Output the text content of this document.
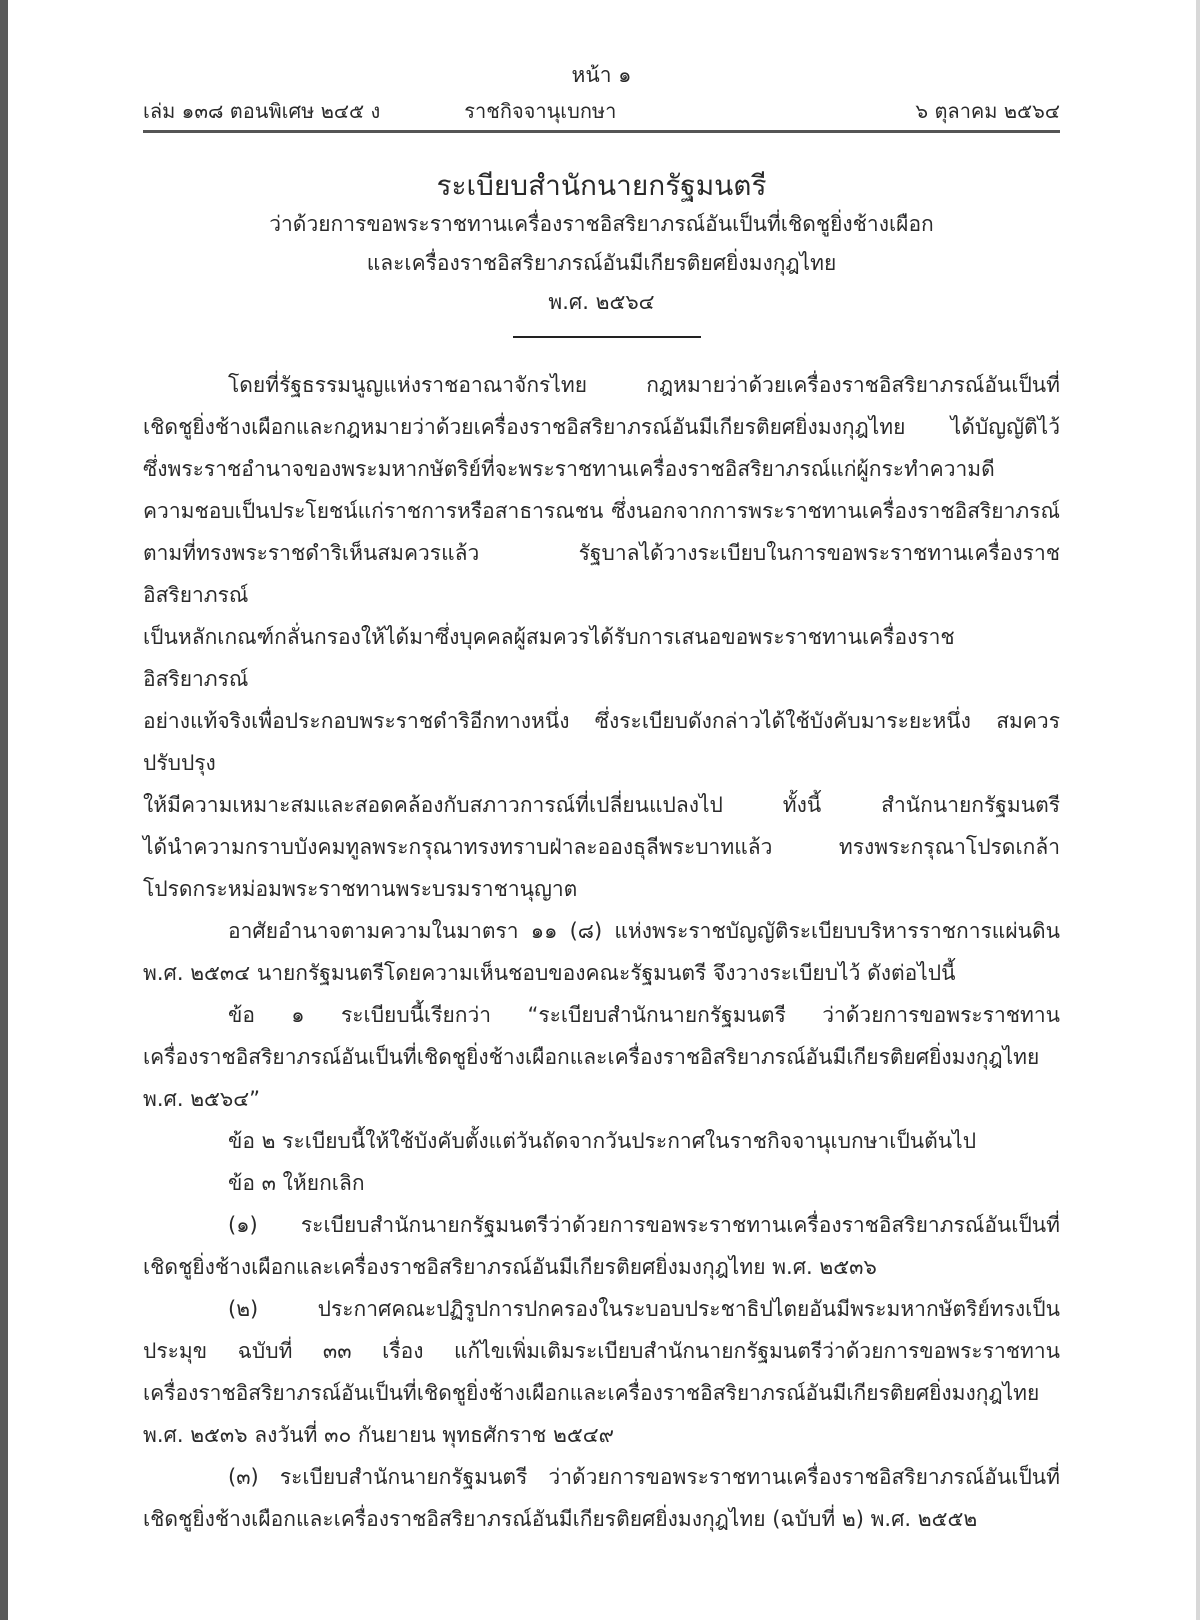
หน้า ๑
เล่ม ๑๓๘ ตอนพิเศษ ๒๔๕ ง	ราชกิจจานุเบกษา	๖ ตุลาคม ๒๕๖๔
ระเบียบสำนักนายกรัฐมนตรี
ว่าด้วยการขอพระราชทานเครื่องราชอิสริยาภรณ์อันเป็นที่เชิดชูยิ่งช้างเผือก
และเครื่องราชอิสริยาภรณ์อันมีเกียรติยศยิ่งมงกุฎไทย
พ.ศ. ๒๕๖๔
โดยที่รัฐธรรมนูญแห่งราชอาณาจักรไทย กฎหมายว่าด้วยเครื่องราชอิสริยาภรณ์อันเป็นที่
เชิดชูยิ่งช้างเผือกและกฎหมายว่าด้วยเครื่องราชอิสริยาภรณ์อันมีเกียรติยศยิ่งมงกุฎไทย ได้บัญญัติไว้
ซึ่งพระราชอำนาจของพระมหากษัตริย์ที่จะพระราชทานเครื่องราชอิสริยาภรณ์แก่ผู้กระทำความดี
ความชอบเป็นประโยชน์แก่ราชการหรือสาธารณชน ซึ่งนอกจากการพระราชทานเครื่องราชอิสริยาภรณ์
ตามที่ทรงพระราชดำริเห็นสมควรแล้ว รัฐบาลได้วางระเบียบในการขอพระราชทานเครื่องราชอิสริยาภรณ์
เป็นหลักเกณฑ์กลั่นกรองให้ได้มาซึ่งบุคคลผู้สมควรได้รับการเสนอขอพระราชทานเครื่องราชอิสริยาภรณ์
อย่างแท้จริงเพื่อประกอบพระราชดำริอีกทางหนึ่ง ซึ่งระเบียบดังกล่าวได้ใช้บังคับมาระยะหนึ่ง สมควรปรับปรุง
ให้มีความเหมาะสมและสอดคล้องกับสภาวการณ์ที่เปลี่ยนแปลงไป ทั้งนี้ สำนักนายกรัฐมนตรี
ได้นำความกราบบังคมทูลพระกรุณาทรงทราบฝ่าละอองธุลีพระบาทแล้ว ทรงพระกรุณาโปรดเกล้า
โปรดกระหม่อมพระราชทานพระบรมราชานุญาต
อาศัยอำนาจตามความในมาตรา ๑๑ (๘) แห่งพระราชบัญญัติระเบียบบริหารราชการแผ่นดิน
พ.ศ. ๒๕๓๔ นายกรัฐมนตรีโดยความเห็นชอบของคณะรัฐมนตรี จึงวางระเบียบไว้ ดังต่อไปนี้
ข้อ ๑ ระเบียบนี้เรียกว่า “ระเบียบสำนักนายกรัฐมนตรี ว่าด้วยการขอพระราชทาน
เครื่องราชอิสริยาภรณ์อันเป็นที่เชิดชูยิ่งช้างเผือกและเครื่องราชอิสริยาภรณ์อันมีเกียรติยศยิ่งมงกุฎไทย
พ.ศ. ๒๕๖๔”
ข้อ ๒ ระเบียบนี้ให้ใช้บังคับตั้งแต่วันถัดจากวันประกาศในราชกิจจานุเบกษาเป็นต้นไป
ข้อ ๓ ให้ยกเลิก
(๑) ระเบียบสำนักนายกรัฐมนตรีว่าด้วยการขอพระราชทานเครื่องราชอิสริยาภรณ์อันเป็นที่
เชิดชูยิ่งช้างเผือกและเครื่องราชอิสริยาภรณ์อันมีเกียรติยศยิ่งมงกุฎไทย พ.ศ. ๒๕๓๖
(๒) ประกาศคณะปฏิรูปการปกครองในระบอบประชาธิปไตยอันมีพระมหากษัตริย์ทรงเป็น
ประมุข ฉบับที่ ๓๓ เรื่อง แก้ไขเพิ่มเติมระเบียบสำนักนายกรัฐมนตรีว่าด้วยการขอพระราชทาน
เครื่องราชอิสริยาภรณ์อันเป็นที่เชิดชูยิ่งช้างเผือกและเครื่องราชอิสริยาภรณ์อันมีเกียรติยศยิ่งมงกุฎไทย
พ.ศ. ๒๕๓๖ ลงวันที่ ๓๐ กันยายน พุทธศักราช ๒๕๔๙
(๓) ระเบียบสำนักนายกรัฐมนตรี ว่าด้วยการขอพระราชทานเครื่องราชอิสริยาภรณ์อันเป็นที่
เชิดชูยิ่งช้างเผือกและเครื่องราชอิสริยาภรณ์อันมีเกียรติยศยิ่งมงกุฎไทย (ฉบับที่ ๒) พ.ศ. ๒๕๕๒
